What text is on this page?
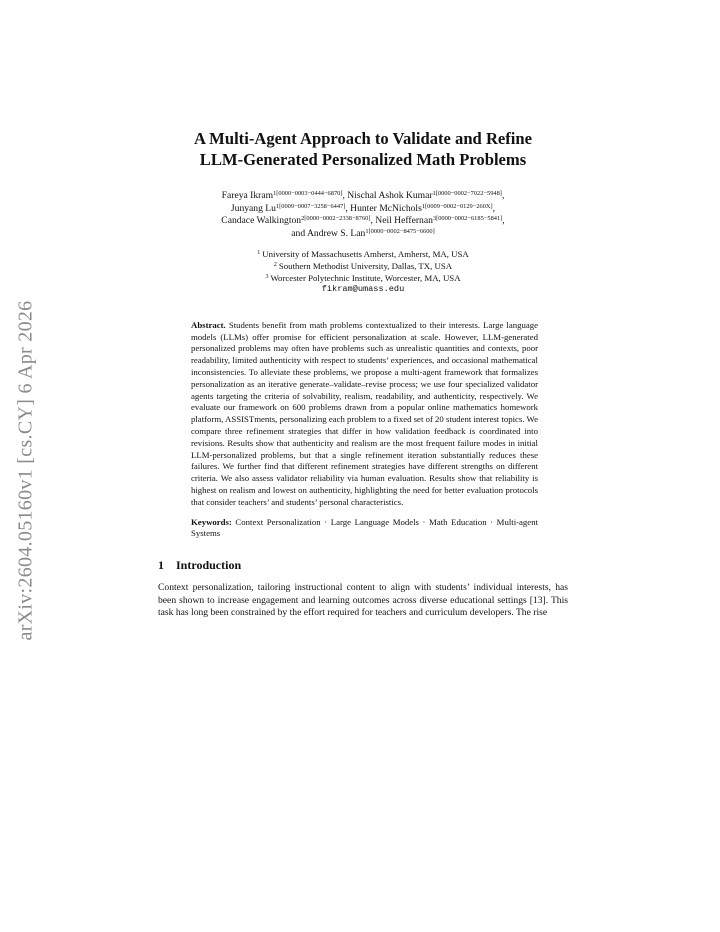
arXiv:2604.05160v1 [cs.CY] 6 Apr 2026
A Multi-Agent Approach to Validate and Refine
LLM-Generated Personalized Math Problems
Fareya Ikram$^{1[0000-0003-0444-6870]}$, Nischal Ashok Kumar$^{1[0000-0002-7022-5948]}$,
Junyang $Lu^{1[0009-0007-3258-6447]}$, Hunter McNichols$^{1[0009-0002-0129-260X]}$,
Candace Walkington$^{2[0000-0002-2338-8760]}$, Neil Heffernan$^{3[0000-0002-6185-5841]}$,
and Andrew S. Lan$^{1[0000-0002-8475-6600]}$
$^1$ University of Massachusetts Amherst, Amherst, MA, USA
$^2$ Southern Methodist University, Dallas, TX, USA
$^3$ Worcester Polytechnic Institute, Worcester, MA, USA
fikram@umass.edu

Abstract. Students benefit from math problems contextualized to their interests. Large language models (LLMs) offer promise for efficient personalization at scale. However, LLM-generated personalized problems may often have problems such as unrealistic quantities and contexts, poor readability, limited authenticity with respect to students’ experiences, and occasional mathematical inconsistencies. To alleviate these problems, we propose a multi-agent framework that formalizes personalization as an iterative generate–validate–revise process; we use four specialized validator agents targeting the criteria of solvability, realism, readability, and authenticity, respectively. We evaluate our framework on 600 problems drawn from a popular online mathematics homework platform, ASSISTments, personalizing each problem to a fixed set of 20 student interest topics. We compare three refinement strategies that differ in how validation feedback is coordinated into revisions. Results show that authenticity and realism are the most frequent failure modes in initial LLM-personalized problems, but that a single refinement iteration substantially reduces these failures. We further find that different refinement strategies have different strengths on different criteria. We also assess validator reliability via human evaluation. Results show that reliability is highest on realism and lowest on authenticity, highlighting the need for better evaluation protocols that consider teachers’ and students’ personal characteristics.

Keywords: Context Personalization · Large Language Models · Math Education · Multi-agent Systems

1 Introduction

Context personalization, tailoring instructional content to align with students’ individual interests, has been shown to increase engagement and learning outcomes across diverse educational settings [13]. This task has long been constrained by the effort required for teachers and curriculum developers. The rise
